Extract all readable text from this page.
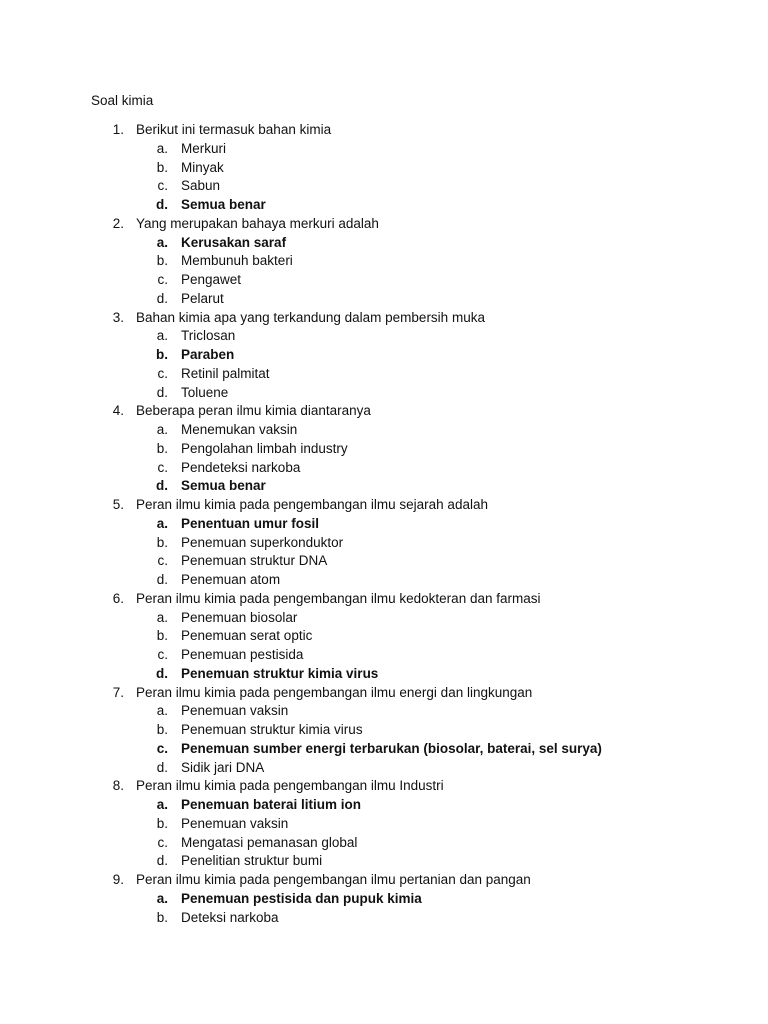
Soal kimia
1. Berikut ini termasuk bahan kimia
a. Merkuri
b. Minyak
c. Sabun
d. Semua benar
2. Yang merupakan bahaya merkuri adalah
a. Kerusakan saraf
b. Membunuh bakteri
c. Pengawet
d. Pelarut
3. Bahan kimia apa yang terkandung dalam pembersih muka
a. Triclosan
b. Paraben
c. Retinil palmitat
d. Toluene
4. Beberapa peran ilmu kimia diantaranya
a. Menemukan vaksin
b. Pengolahan limbah industry
c. Pendeteksi narkoba
d. Semua benar
5. Peran ilmu kimia pada pengembangan ilmu sejarah adalah
a. Penentuan umur fosil
b. Penemuan superkonduktor
c. Penemuan struktur DNA
d. Penemuan atom
6. Peran ilmu kimia pada pengembangan ilmu kedokteran dan farmasi
a. Penemuan biosolar
b. Penemuan serat optic
c. Penemuan pestisida
d. Penemuan struktur kimia virus
7. Peran ilmu kimia pada pengembangan ilmu energi dan lingkungan
a. Penemuan vaksin
b. Penemuan struktur kimia virus
c. Penemuan sumber energi terbarukan (biosolar, baterai, sel surya)
d. Sidik jari DNA
8. Peran ilmu kimia pada pengembangan ilmu Industri
a. Penemuan baterai litium ion
b. Penemuan vaksin
c. Mengatasi pemanasan global
d. Penelitian struktur bumi
9. Peran ilmu kimia pada pengembangan ilmu pertanian dan pangan
a. Penemuan pestisida dan pupuk kimia
b. Deteksi narkoba
